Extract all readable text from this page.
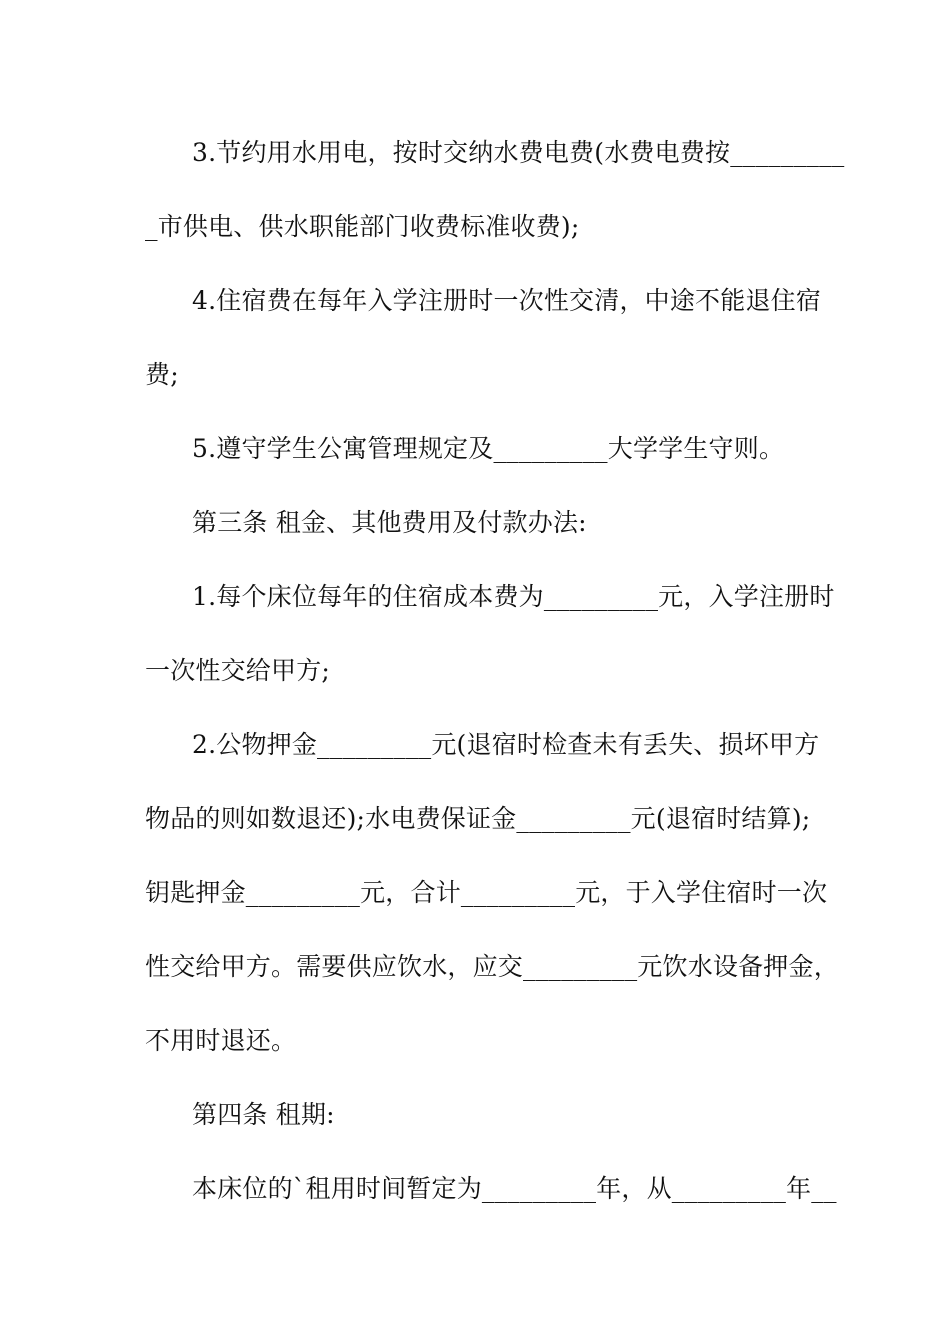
3.节约用水用电，按时交纳水费电费(水费电费按_________
_市供电、供水职能部门收费标准收费);
4.住宿费在每年入学注册时一次性交清，中途不能退住宿
费;
5.遵守学生公寓管理规定及_________大学学生守则。
第三条 租金、其他费用及付款办法:
1.每个床位每年的住宿成本费为_________元，入学注册时
一次性交给甲方;
2.公物押金_________元(退宿时检查未有丢失、损坏甲方
物品的则如数退还);水电费保证金_________元(退宿时结算);
钥匙押金_________元，合计_________元，于入学住宿时一次
性交给甲方。需要供应饮水，应交_________元饮水设备押金，
不用时退还。
第四条 租期:
本床位的`租用时间暂定为_________年，从_________年__
